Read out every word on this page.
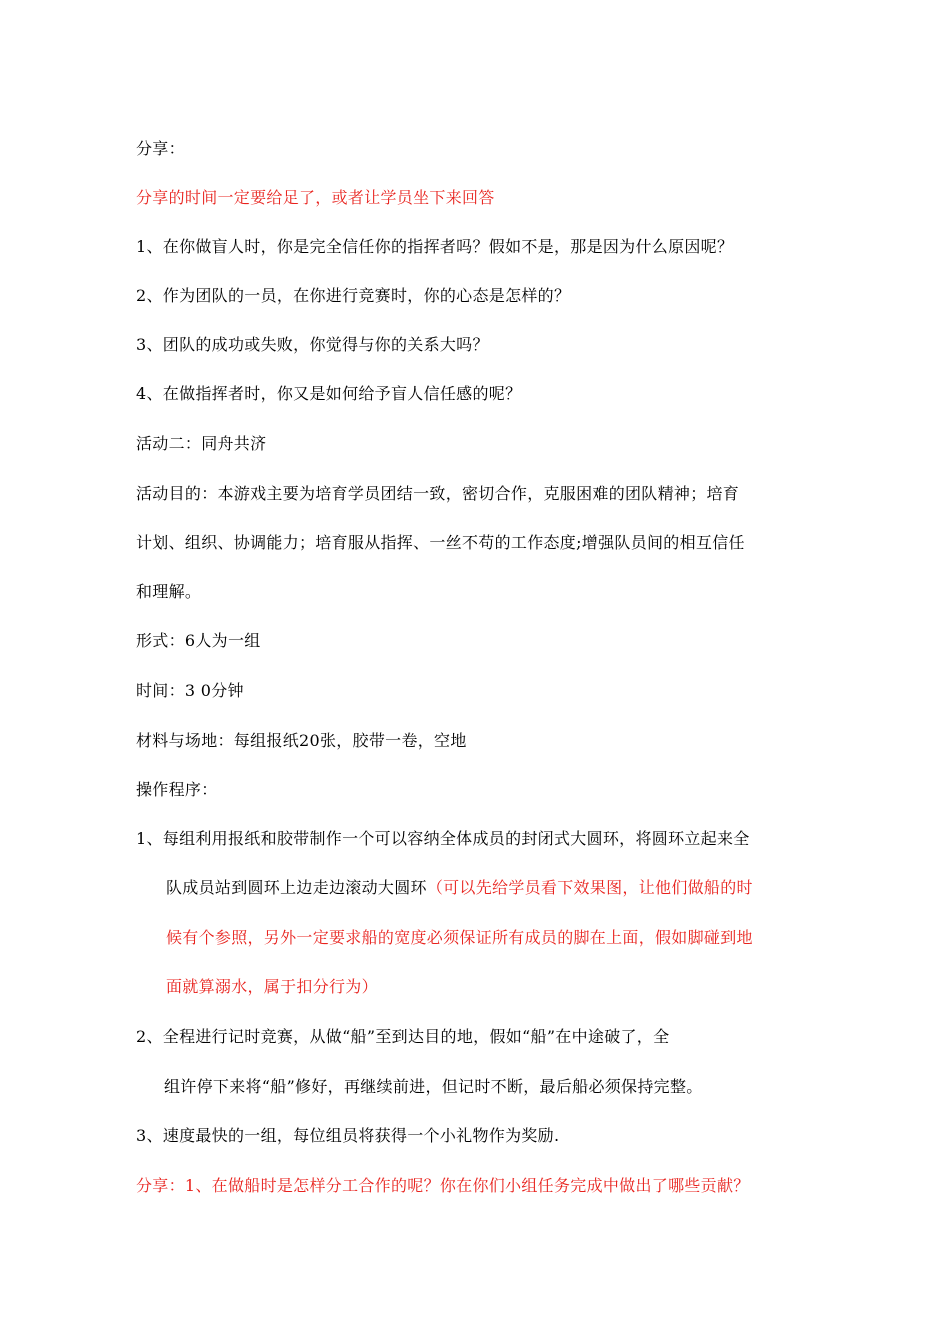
分享：
分享的时间一定要给足了，或者让学员坐下来回答
1、在你做盲人时，你是完全信任你的指挥者吗？假如不是，那是因为什么原因呢？
2、作为团队的一员，在你进行竞赛时，你的心态是怎样的？
3、团队的成功或失败，你觉得与你的关系大吗？
4、在做指挥者时，你又是如何给予盲人信任感的呢？
活动二：同舟共济
活动目的：本游戏主要为培育学员团结一致，密切合作，克服困难的团队精神；培育
计划、组织、协调能力；培育服从指挥、一丝不苟的工作态度;增强队员间的相互信任
和理解。
形式：6人为一组
时间：3 0分钟
材料与场地：每组报纸20张，胶带一卷，空地
操作程序：
1、每组利用报纸和胶带制作一个可以容纳全体成员的封闭式大圆环，将圆环立起来全
队成员站到圆环上边走边滚动大圆环（可以先给学员看下效果图，让他们做船的时
候有个参照，另外一定要求船的宽度必须保证所有成员的脚在上面，假如脚碰到地
面就算溺水，属于扣分行为）
2、全程进行记时竞赛，从做“船”至到达目的地，假如“船”在中途破了，全
组许停下来将“船”修好，再继续前进，但记时不断，最后船必须保持完整。
3、速度最快的一组，每位组员将获得一个小礼物作为奖励.
分享：1、在做船时是怎样分工合作的呢？你在你们小组任务完成中做出了哪些贡献？
